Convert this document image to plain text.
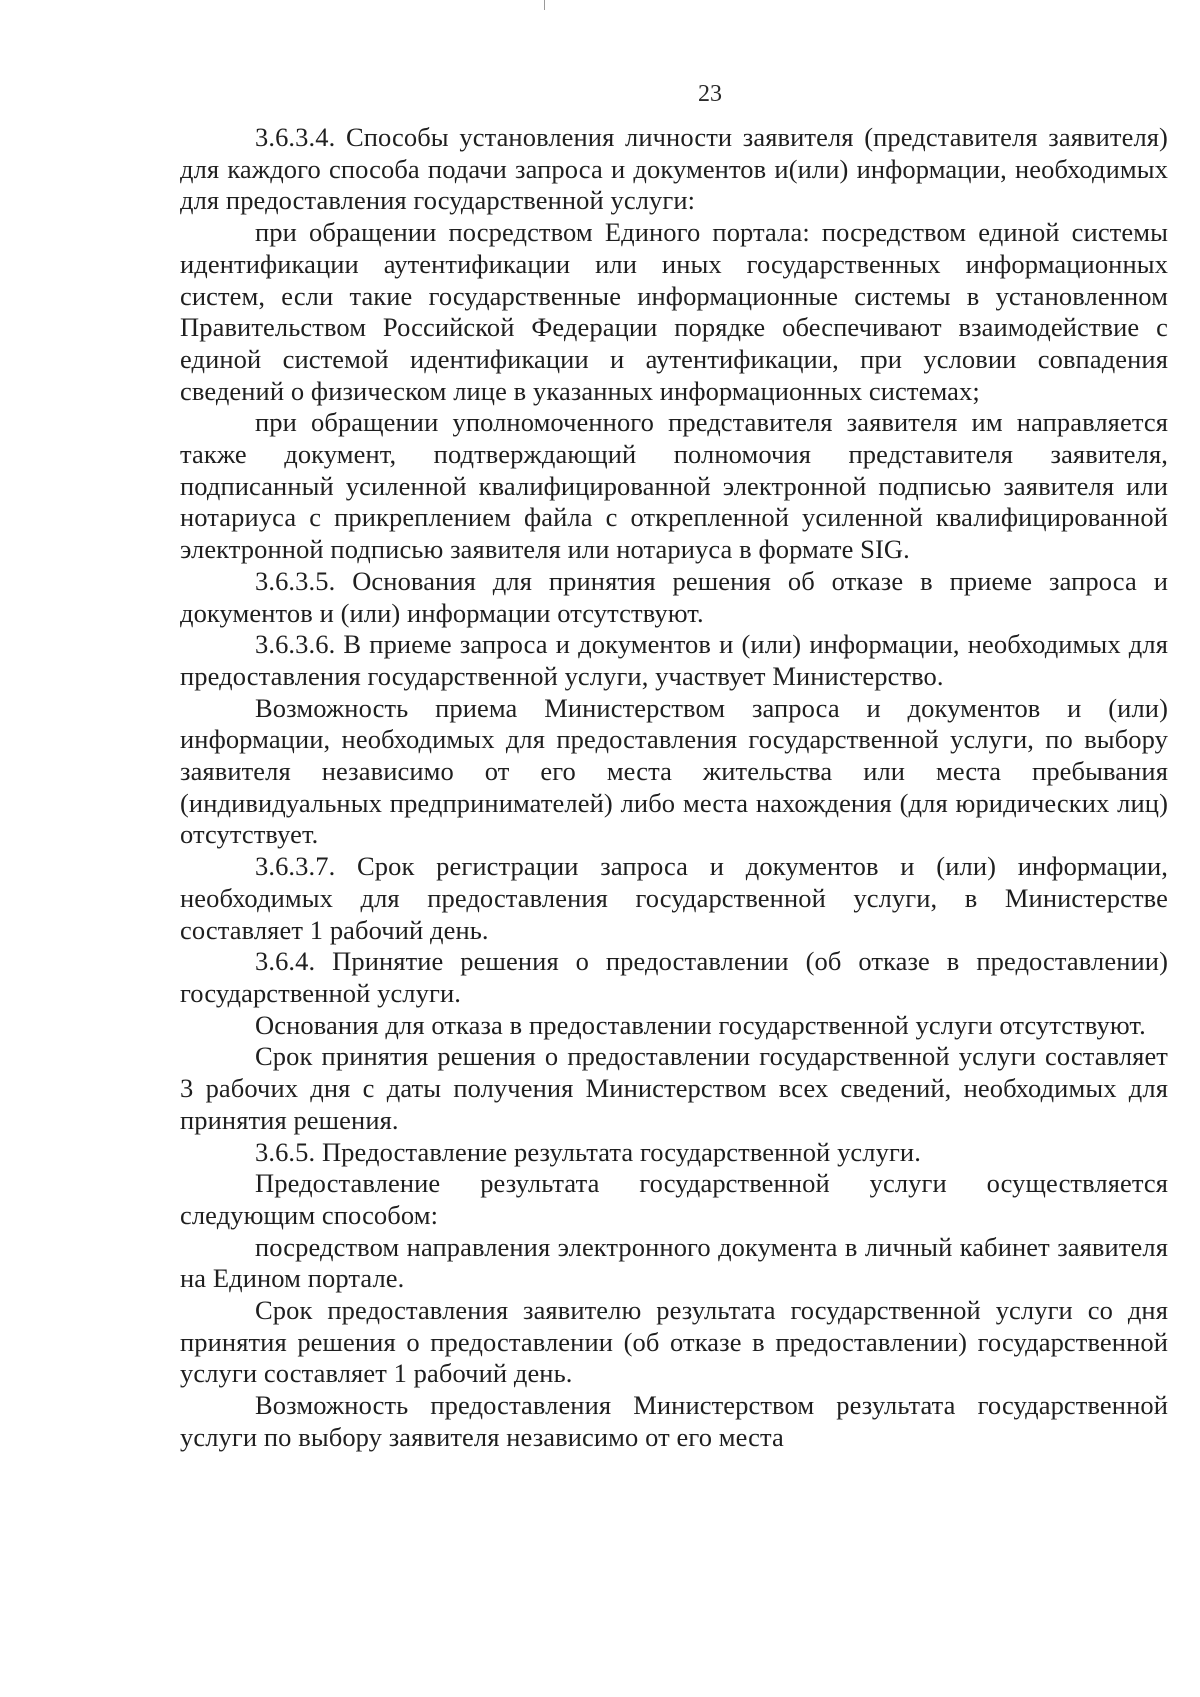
23

3.6.3.4. Способы установления личности заявителя (представителя заявителя) для каждого способа подачи запроса и документов и(или) информации, необходимых для предоставления государственной услуги:

при обращении посредством Единого портала: посредством единой системы идентификации аутентификации или иных государственных информационных систем, если такие государственные информационные системы в установленном Правительством Российской Федерации порядке обеспечивают взаимодействие с единой системой идентификации и аутентификации, при условии совпадения сведений о физическом лице в указанных информационных системах;

при обращении уполномоченного представителя заявителя им направляется также документ, подтверждающий полномочия представителя заявителя, подписанный усиленной квалифицированной электронной подписью заявителя или нотариуса с прикреплением файла с открепленной усиленной квалифицированной электронной подписью заявителя или нотариуса в формате SIG.

3.6.3.5. Основания для принятия решения об отказе в приеме запроса и документов и (или) информации отсутствуют.

3.6.3.6. В приеме запроса и документов и (или) информации, необходимых для предоставления государственной услуги, участвует Министерство.

Возможность приема Министерством запроса и документов и (или) информации, необходимых для предоставления государственной услуги, по выбору заявителя независимо от его места жительства или места пребывания (индивидуальных предпринимателей) либо места нахождения (для юридических лиц) отсутствует.

3.6.3.7. Срок регистрации запроса и документов и (или) информации, необходимых для предоставления государственной услуги, в Министерстве составляет 1 рабочий день.

3.6.4. Принятие решения о предоставлении (об отказе в предоставлении) государственной услуги.

Основания для отказа в предоставлении государственной услуги отсутствуют.

Срок принятия решения о предоставлении государственной услуги составляет 3 рабочих дня с даты получения Министерством всех сведений, необходимых для принятия решения.

3.6.5. Предоставление результата государственной услуги.

Предоставление результата государственной услуги осуществляется следующим способом:

посредством направления электронного документа в личный кабинет заявителя на Едином портале.

Срок предоставления заявителю результата государственной услуги со дня принятия решения о предоставлении (об отказе в предоставлении) государственной услуги составляет 1 рабочий день.

Возможность предоставления Министерством результата государственной услуги по выбору заявителя независимо от его места
